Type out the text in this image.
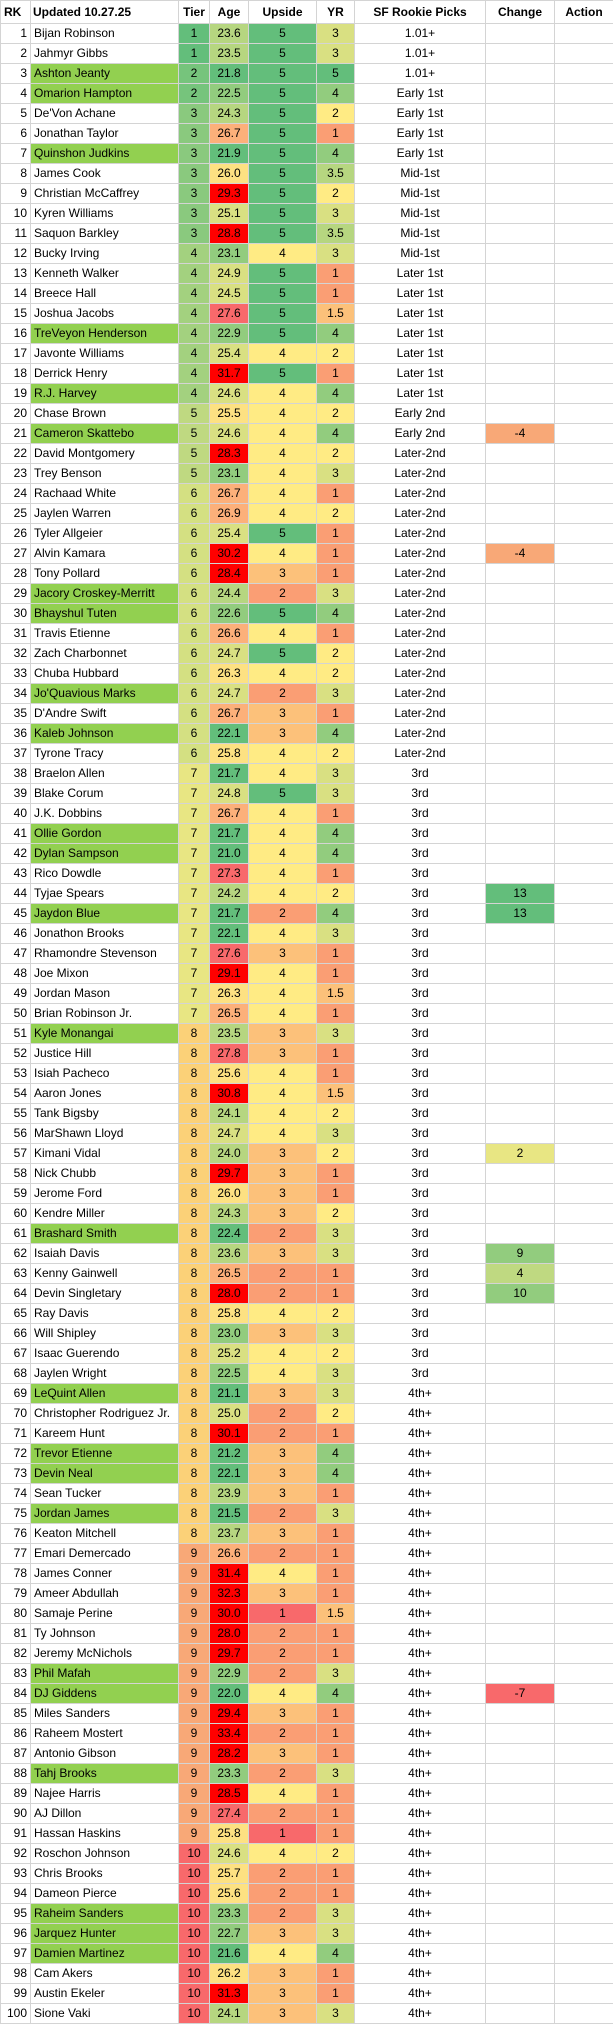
RK	Updated 10.27.25	Tier	Age	Upside	YR	SF Rookie Picks	Change	Action
1	Bijan Robinson	1	23.6	5	3	1.01+		
2	Jahmyr Gibbs	1	23.5	5	3	1.01+		
3	Ashton Jeanty	2	21.8	5	5	1.01+		
4	Omarion Hampton	2	22.5	5	4	Early 1st		
5	De'Von Achane	3	24.3	5	2	Early 1st		
6	Jonathan Taylor	3	26.7	5	1	Early 1st		
7	Quinshon Judkins	3	21.9	5	4	Early 1st		
8	James Cook	3	26.0	5	3.5	Mid-1st		
9	Christian McCaffrey	3	29.3	5	2	Mid-1st		
10	Kyren Williams	3	25.1	5	3	Mid-1st		
11	Saquon Barkley	3	28.8	5	3.5	Mid-1st		
12	Bucky Irving	4	23.1	4	3	Mid-1st		
13	Kenneth Walker	4	24.9	5	1	Later 1st		
14	Breece Hall	4	24.5	5	1	Later 1st		
15	Joshua Jacobs	4	27.6	5	1.5	Later 1st		
16	TreVeyon Henderson	4	22.9	5	4	Later 1st		
17	Javonte Williams	4	25.4	4	2	Later 1st		
18	Derrick Henry	4	31.7	5	1	Later 1st		
19	R.J. Harvey	4	24.6	4	4	Later 1st		
20	Chase Brown	5	25.5	4	2	Early 2nd		
21	Cameron Skattebo	5	24.6	4	4	Early 2nd	-4	
22	David Montgomery	5	28.3	4	2	Later-2nd		
23	Trey Benson	5	23.1	4	3	Later-2nd		
24	Rachaad White	6	26.7	4	1	Later-2nd		
25	Jaylen Warren	6	26.9	4	2	Later-2nd		
26	Tyler Allgeier	6	25.4	5	1	Later-2nd		
27	Alvin Kamara	6	30.2	4	1	Later-2nd	-4	
28	Tony Pollard	6	28.4	3	1	Later-2nd		
29	Jacory Croskey-Merritt	6	24.4	2	3	Later-2nd		
30	Bhayshul Tuten	6	22.6	5	4	Later-2nd		
31	Travis Etienne	6	26.6	4	1	Later-2nd		
32	Zach Charbonnet	6	24.7	5	2	Later-2nd		
33	Chuba Hubbard	6	26.3	4	2	Later-2nd		
34	Jo'Quavious Marks	6	24.7	2	3	Later-2nd		
35	D'Andre Swift	6	26.7	3	1	Later-2nd		
36	Kaleb Johnson	6	22.1	3	4	Later-2nd		
37	Tyrone Tracy	6	25.8	4	2	Later-2nd		
38	Braelon Allen	7	21.7	4	3	3rd		
39	Blake Corum	7	24.8	5	3	3rd		
40	J.K. Dobbins	7	26.7	4	1	3rd		
41	Ollie Gordon	7	21.7	4	4	3rd		
42	Dylan Sampson	7	21.0	4	4	3rd		
43	Rico Dowdle	7	27.3	4	1	3rd		
44	Tyjae Spears	7	24.2	4	2	3rd	13	
45	Jaydon Blue	7	21.7	2	4	3rd	13	
46	Jonathon Brooks	7	22.1	4	3	3rd		
47	Rhamondre Stevenson	7	27.6	3	1	3rd		
48	Joe Mixon	7	29.1	4	1	3rd		
49	Jordan Mason	7	26.3	4	1.5	3rd		
50	Brian Robinson Jr.	7	26.5	4	1	3rd		
51	Kyle Monangai	8	23.5	3	3	3rd		
52	Justice Hill	8	27.8	3	1	3rd		
53	Isiah Pacheco	8	25.6	4	1	3rd		
54	Aaron Jones	8	30.8	4	1.5	3rd		
55	Tank Bigsby	8	24.1	4	2	3rd		
56	MarShawn Lloyd	8	24.7	4	3	3rd		
57	Kimani Vidal	8	24.0	3	2	3rd	2	
58	Nick Chubb	8	29.7	3	1	3rd		
59	Jerome Ford	8	26.0	3	1	3rd		
60	Kendre Miller	8	24.3	3	2	3rd		
61	Brashard Smith	8	22.4	2	3	3rd		
62	Isaiah Davis	8	23.6	3	3	3rd	9	
63	Kenny Gainwell	8	26.5	2	1	3rd	4	
64	Devin Singletary	8	28.0	2	1	3rd	10	
65	Ray Davis	8	25.8	4	2	3rd		
66	Will Shipley	8	23.0	3	3	3rd		
67	Isaac Guerendo	8	25.2	4	2	3rd		
68	Jaylen Wright	8	22.5	4	3	3rd		
69	LeQuint Allen	8	21.1	3	3	4th+		
70	Christopher Rodriguez Jr.	8	25.0	2	2	4th+		
71	Kareem Hunt	8	30.1	2	1	4th+		
72	Trevor Etienne	8	21.2	3	4	4th+		
73	Devin Neal	8	22.1	3	4	4th+		
74	Sean Tucker	8	23.9	3	1	4th+		
75	Jordan James	8	21.5	2	3	4th+		
76	Keaton Mitchell	8	23.7	3	1	4th+		
77	Emari Demercado	9	26.6	2	1	4th+		
78	James Conner	9	31.4	4	1	4th+		
79	Ameer Abdullah	9	32.3	3	1	4th+		
80	Samaje Perine	9	30.0	1	1.5	4th+		
81	Ty Johnson	9	28.0	2	1	4th+		
82	Jeremy McNichols	9	29.7	2	1	4th+		
83	Phil Mafah	9	22.9	2	3	4th+		
84	DJ Giddens	9	22.0	4	4	4th+	-7	
85	Miles Sanders	9	29.4	3	1	4th+		
86	Raheem Mostert	9	33.4	2	1	4th+		
87	Antonio Gibson	9	28.2	3	1	4th+		
88	Tahj Brooks	9	23.3	2	3	4th+		
89	Najee Harris	9	28.5	4	1	4th+		
90	AJ Dillon	9	27.4	2	1	4th+		
91	Hassan Haskins	9	25.8	1	1	4th+		
92	Roschon Johnson	10	24.6	4	2	4th+		
93	Chris Brooks	10	25.7	2	1	4th+		
94	Dameon Pierce	10	25.6	2	1	4th+		
95	Raheim Sanders	10	23.3	2	3	4th+		
96	Jarquez Hunter	10	22.7	3	3	4th+		
97	Damien Martinez	10	21.6	4	4	4th+		
98	Cam Akers	10	26.2	3	1	4th+		
99	Austin Ekeler	10	31.3	3	1	4th+		
100	Sione Vaki	10	24.1	3	3	4th+		
